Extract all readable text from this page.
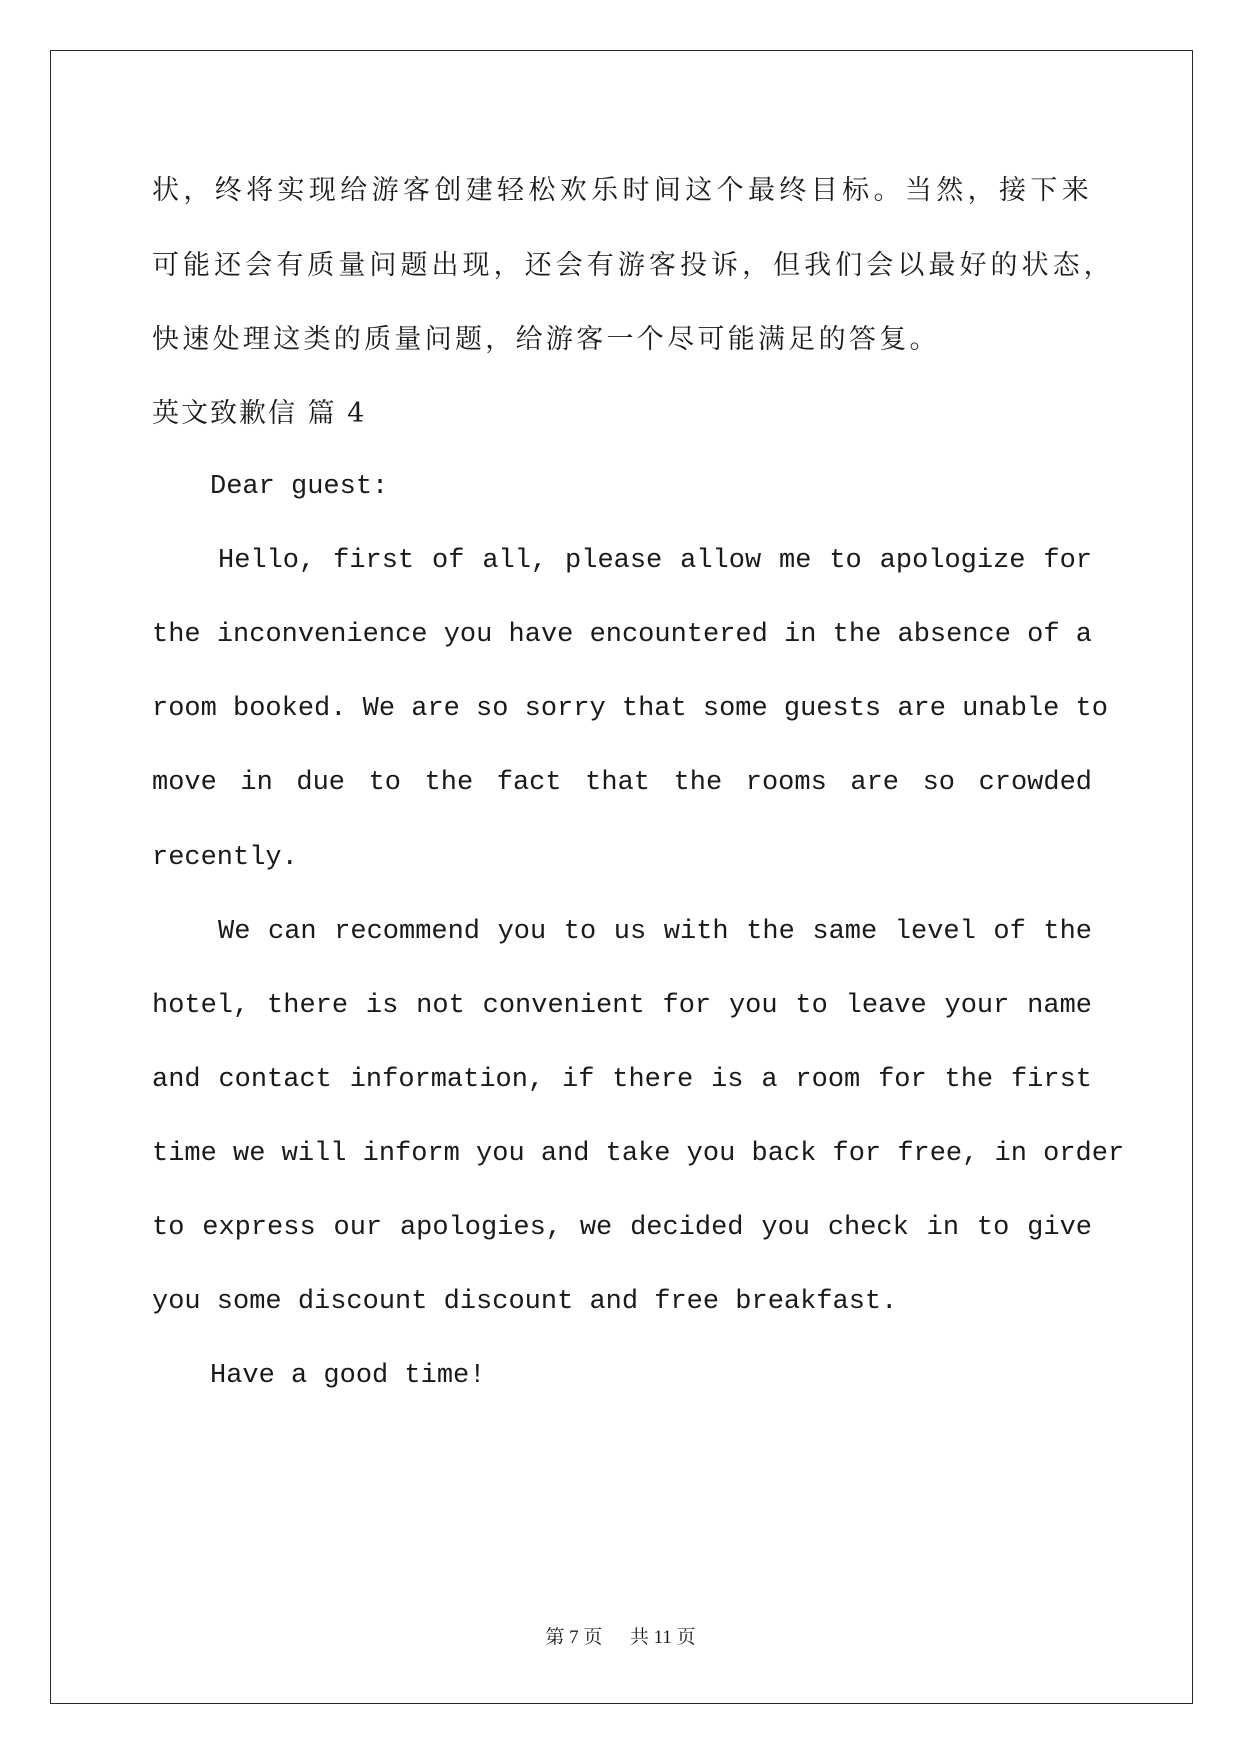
状，终将实现给游客创建轻松欢乐时间这个最终目标。当然，接下来
可能还会有质量问题出现，还会有游客投诉，但我们会以最好的状态，
快速处理这类的质量问题，给游客一个尽可能满足的答复。
英文致歉信 篇 4
Dear guest:
Hello, first of all, please allow me to apologize for
the inconvenience you have encountered in the absence of a
room booked. We are so sorry that some guests are unable to
move in due to the fact that the rooms are so crowded
recently.
We can recommend you to us with the same level of the
hotel, there is not convenient for you to leave your name
and contact information, if there is a room for the first
time we will inform you and take you back for free, in order
to express our apologies, we decided you check in to give
you some discount discount and free breakfast.
Have a good time!
第 7 页 共 11 页
